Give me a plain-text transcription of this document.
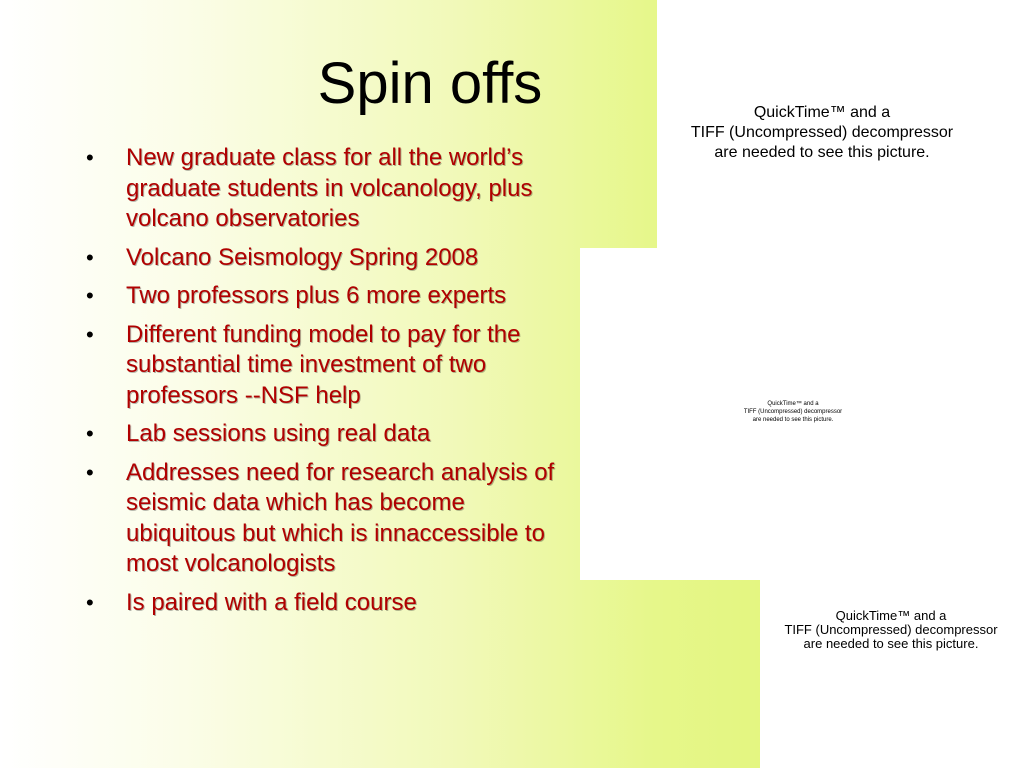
Spin offs
• New graduate class for all the world’s graduate students in volcanology, plus volcano observatories
• Volcano Seismology Spring 2008
• Two professors plus 6 more experts
• Different funding model to pay for the substantial time investment of two professors --NSF help
• Lab sessions using real data
• Addresses need for research analysis of seismic data which has become ubiquitous but which is innaccessible to most volcanologists
• Is paired with a field course
QuickTime™ and a
TIFF (Uncompressed) decompressor
are needed to see this picture.
QuickTime™ and a
TIFF (Uncompressed) decompressor
are needed to see this picture.
QuickTime™ and a
TIFF (Uncompressed) decompressor
are needed to see this picture.
